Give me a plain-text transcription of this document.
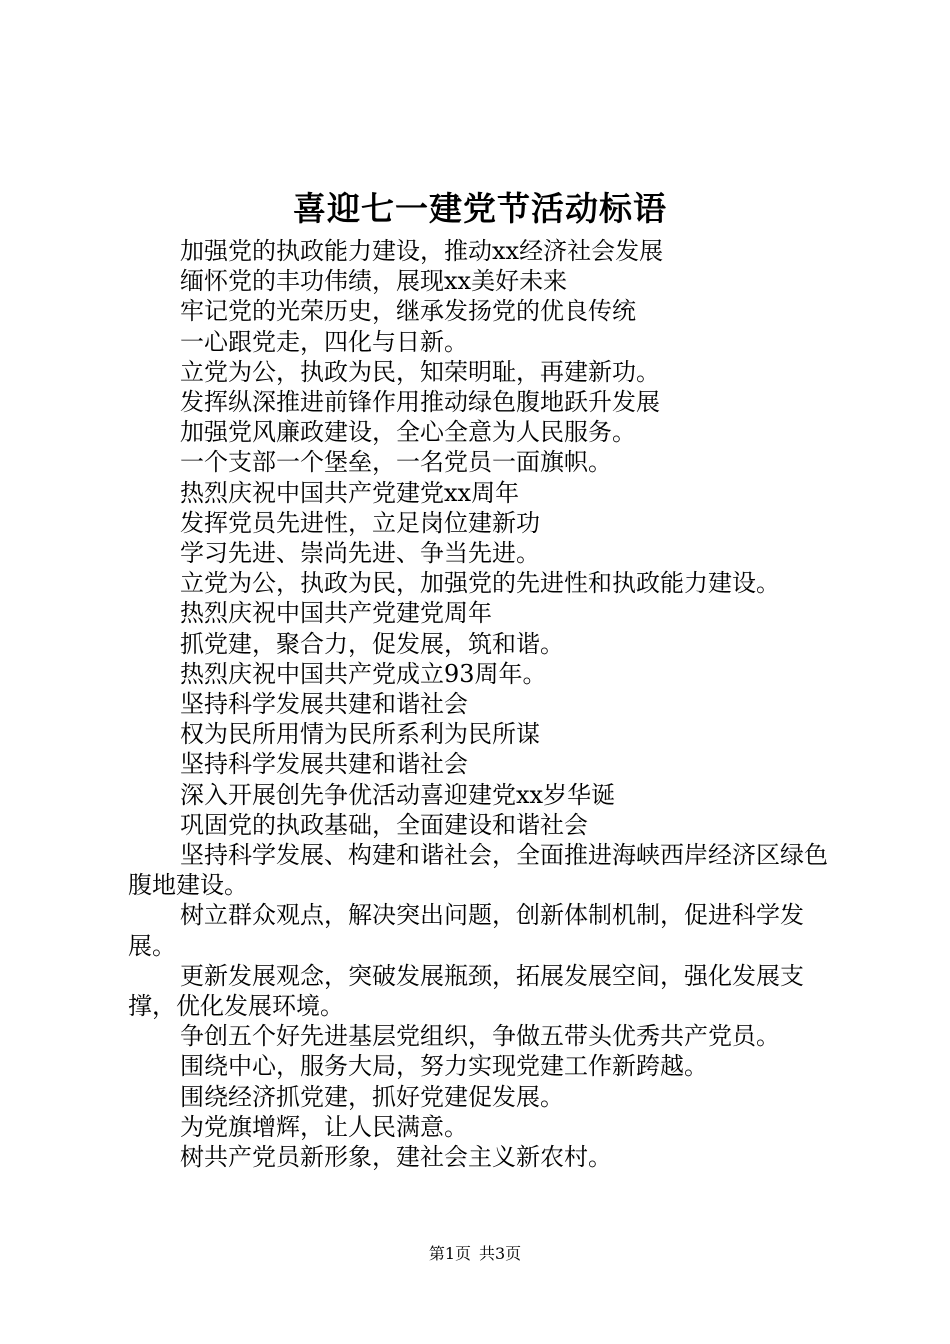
喜迎七一建党节活动标语

加强党的执政能力建设，推动xx经济社会发展

缅怀党的丰功伟绩，展现xx美好未来

牢记党的光荣历史，继承发扬党的优良传统

一心跟党走，四化与日新。

立党为公，执政为民，知荣明耻，再建新功。

发挥纵深推进前锋作用推动绿色腹地跃升发展

加强党风廉政建设，全心全意为人民服务。

一个支部一个堡垒，一名党员一面旗帜。

热烈庆祝中国共产党建党xx周年

发挥党员先进性，立足岗位建新功

学习先进、崇尚先进、争当先进。

立党为公，执政为民，加强党的先进性和执政能力建设。

热烈庆祝中国共产党建党周年

抓党建，聚合力，促发展，筑和谐。

热烈庆祝中国共产党成立93周年。

坚持科学发展共建和谐社会

权为民所用情为民所系利为民所谋

坚持科学发展共建和谐社会

深入开展创先争优活动喜迎建党xx岁华诞

巩固党的执政基础，全面建设和谐社会

坚持科学发展、构建和谐社会，全面推进海峡西岸经济区绿色腹地建设。

树立群众观点，解决突出问题，创新体制机制，促进科学发展。

更新发展观念，突破发展瓶颈，拓展发展空间，强化发展支撑，优化发展环境。

争创五个好先进基层党组织，争做五带头优秀共产党员。

围绕中心，服务大局，努力实现党建工作新跨越。

围绕经济抓党建，抓好党建促发展。

为党旗增辉，让人民满意。

树共产党员新形象，建社会主义新农村。

第1页 共3页
